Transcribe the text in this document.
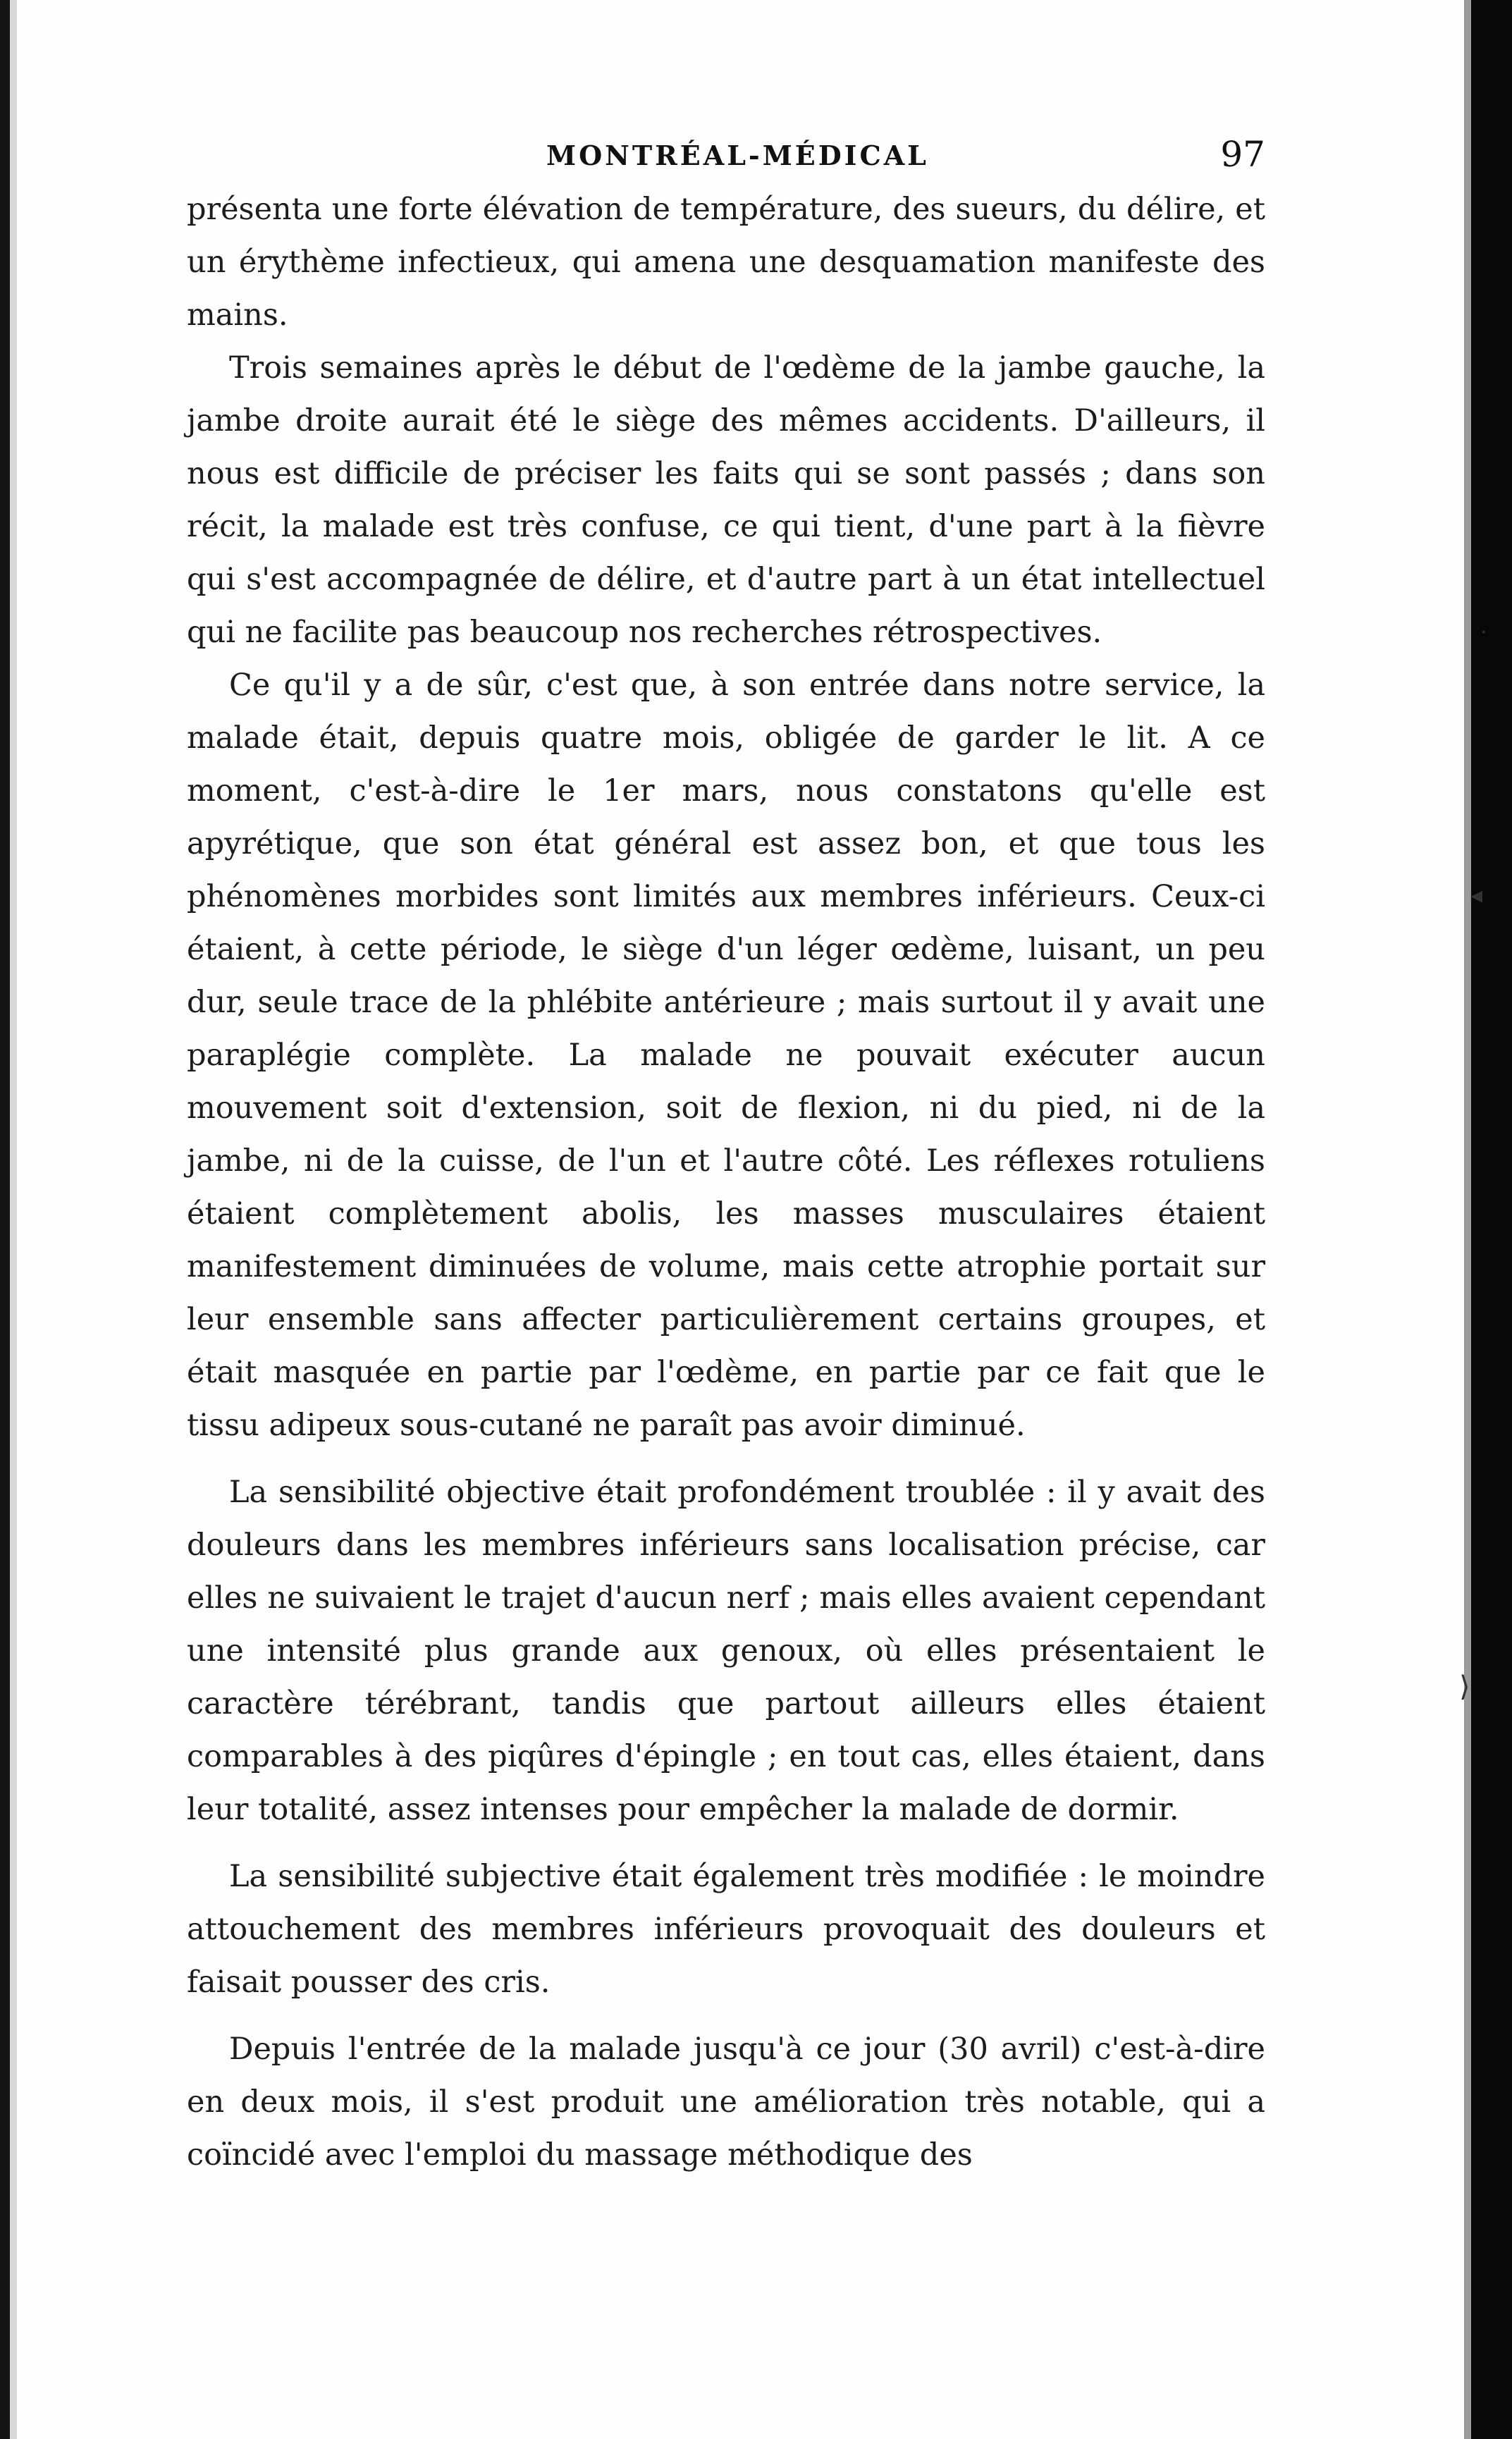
MONTRÉAL-MÉDICAL	97

présenta une forte élévation de température, des sueurs, du délire, et un érythème infectieux, qui amena une desquamation manifeste des mains.

Trois semaines après le début de l'œdème de la jambe gauche, la jambe droite aurait été le siège des mêmes accidents. D'ailleurs, il nous est difficile de préciser les faits qui se sont passés ; dans son récit, la malade est très confuse, ce qui tient, d'une part à la fièvre qui s'est accompagnée de délire, et d'autre part à un état intellectuel qui ne facilite pas beaucoup nos recherches rétrospectives.

Ce qu'il y a de sûr, c'est que, à son entrée dans notre service, la malade était, depuis quatre mois, obligée de garder le lit. A ce moment, c'est-à-dire le 1er mars, nous constatons qu'elle est apyrétique, que son état général est assez bon, et que tous les phénomènes morbides sont limités aux membres inférieurs. Ceux-ci étaient, à cette période, le siège d'un léger œdème, luisant, un peu dur, seule trace de la phlébite antérieure ; mais surtout il y avait une paraplégie complète. La malade ne pouvait exécuter aucun mouvement soit d'extension, soit de flexion, ni du pied, ni de la jambe, ni de la cuisse, de l'un et l'autre côté. Les réflexes rotuliens étaient complètement abolis, les masses musculaires étaient manifestement diminuées de volume, mais cette atrophie portait sur leur ensemble sans affecter particulièrement certains groupes, et était masquée en partie par l'œdème, en partie par ce fait que le tissu adipeux sous-cutané ne paraît pas avoir diminué.

La sensibilité objective était profondément troublée : il y avait des douleurs dans les membres inférieurs sans localisation précise, car elles ne suivaient le trajet d'aucun nerf ; mais elles avaient cependant une intensité plus grande aux genoux, où elles présentaient le caractère térébrant, tandis que partout ailleurs elles étaient comparables à des piqûres d'épingle ; en tout cas, elles étaient, dans leur totalité, assez intenses pour empêcher la malade de dormir.

La sensibilité subjective était également très modifiée : le moindre attouchement des membres inférieurs provoquait des douleurs et faisait pousser des cris.

Depuis l'entrée de la malade jusqu'à ce jour (30 avril) c'est-à-dire en deux mois, il s'est produit une amélioration très notable, qui a coïncidé avec l'emploi du massage méthodique des

·
◂
⟩
